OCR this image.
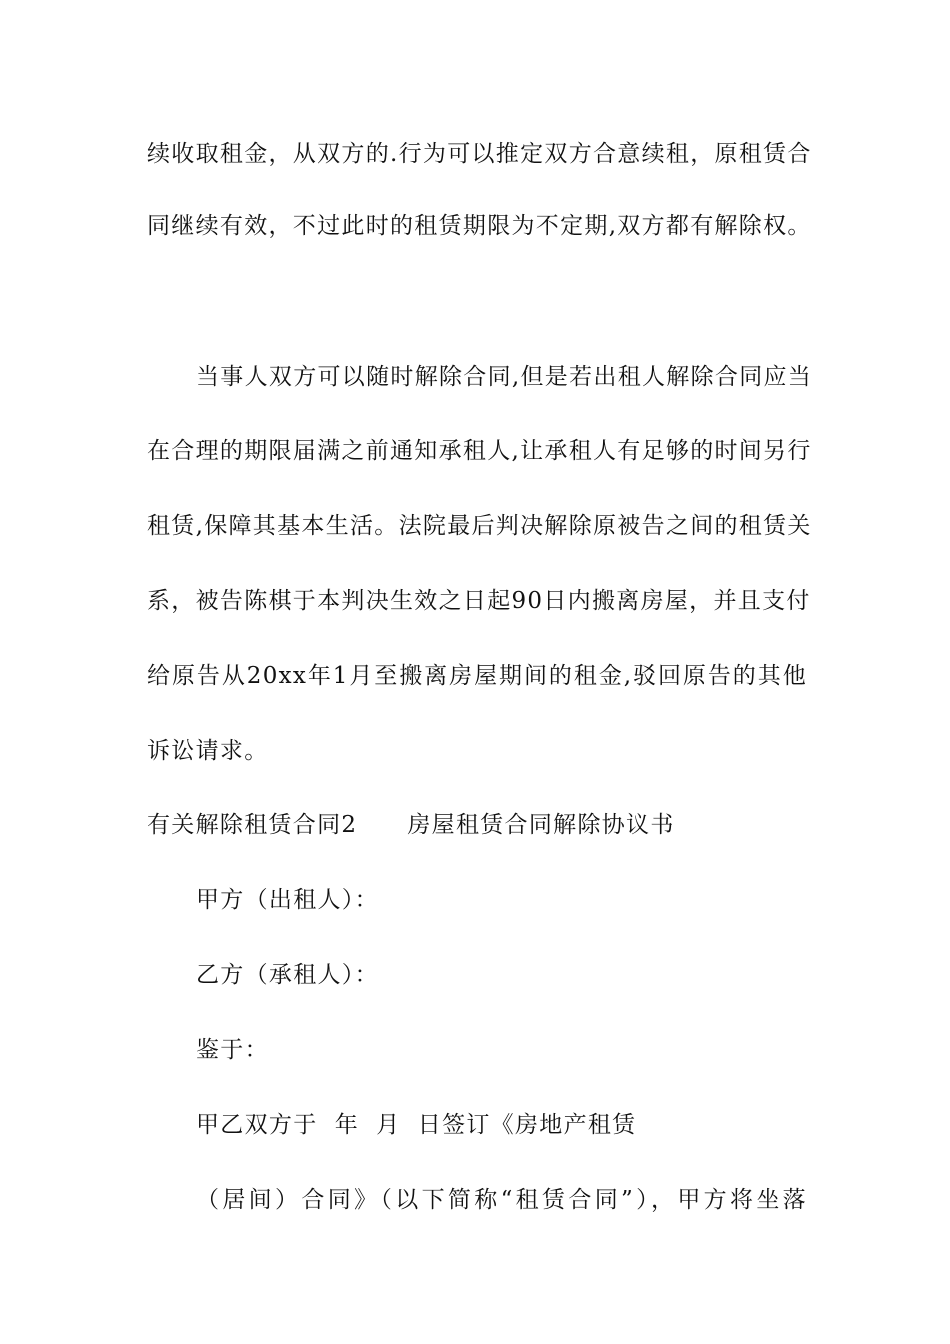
续收取租金，从双方的.行为可以推定双方合意续租，原租赁合
同继续有效，不过此时的租赁期限为不定期,双方都有解除权。
当事人双方可以随时解除合同,但是若出租人解除合同应当
在合理的期限届满之前通知承租人,让承租人有足够的时间另行
租赁,保障其基本生活。法院最后判决解除原被告之间的租赁关
系，被告陈棋于本判决生效之日起90日内搬离房屋，并且支付
给原告从20xx年1月至搬离房屋期间的租金,驳回原告的其他
诉讼请求。
有关解除租赁合同2 房屋租赁合同解除协议书
甲方（出租人）：
乙方（承租人）：
鉴于：
甲乙双方于  年  月  日签订《房地产租赁
（居间）合同》（以下简称“租赁合同”），甲方将坐落
